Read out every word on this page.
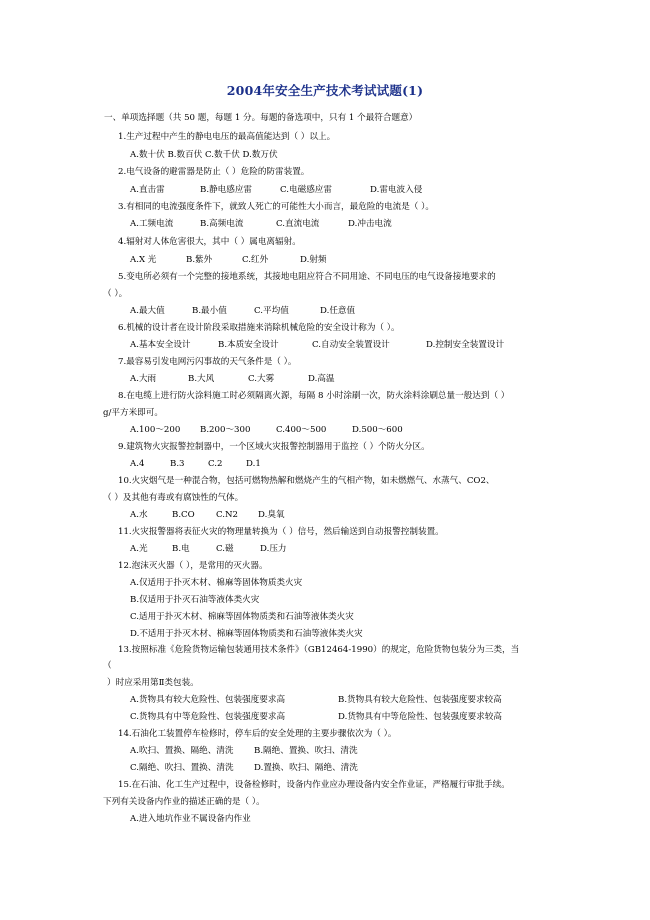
2004年安全生产技术考试试题(1)
一、单项选择题（共 50 题，每题 1 分。每题的备选项中，只有 1 个最符合题意）
1.生产过程中产生的静电电压的最高值能达到（ ）以上。
A.数十伏 B.数百伏 C.数千伏 D.数万伏
2.电气设备的避雷器是防止（ ）危险的防雷装置。
A.直击雷	B.静电感应雷	C.电磁感应雷	D.雷电波入侵
3.有相同的电流强度条件下，就致人死亡的可能性大小而言，最危险的电流是（ ）。
A.工频电流	B.高频电流	C.直流电流	D.冲击电流
4.辐射对人体危害很大，其中（ ）属电离辐射。
A.X 光	B.紫外	C.红外	D.射频
5.变电所必须有一个完整的接地系统，其接地电阻应符合不同用途、不同电压的电气设备接地要求的
（ ）。
A.最大值	B.最小值	C.平均值	D.任意值
6.机械的设计者在设计阶段采取措施来消除机械危险的安全设计称为（ ）。
A.基本安全设计	B.本质安全设计	C.自动安全装置设计	D.控制安全装置设计
7.最容易引发电网污闪事故的天气条件是（ ）。
A.大雨	B.大风	C.大雾	D.高温
8.在电缆上进行防火涂料施工时必须隔离火源，每隔 8 小时涂刷一次，防火涂料涂刷总量一般达到（ ）
g/平方米即可。
A.100～200 B.200～300	C.400～500	D.500～600
9.建筑物火灾报警控制器中，一个区域火灾报警控制器用于监控（ ）个防火分区。
A.4	B.3	C.2	D.1
10.火灾烟气是一种混合物，包括可燃物热解和燃烧产生的气相产物，如未燃燃气、水蒸气、CO2、
（ ）及其他有毒或有腐蚀性的气体。
A.水	B.CO C.N2 D.臭氧
11.火灾报警器将表征火灾的物理量转换为（ ）信号，然后输送到自动报警控制装置。
A.光	B.电	C.磁	D.压力
12.泡沫灭火器（ ），是常用的灭火器。
A.仅适用于扑灭木材、棉麻等固体物质类火灾
B.仅适用于扑灭石油等液体类火灾
C.适用于扑灭木材、棉麻等固体物质类和石油等液体类火灾
D.不适用于扑灭木材、棉麻等固体物质类和石油等液体类火灾
13.按照标准《危险货物运输包装通用技术条件》（GB12464-1990）的规定，危险货物包装分为三类，当
（
）时应采用第Ⅱ类包装。
A.货物具有较大危险性、包装强度要求高	B.货物具有较大危险性、包装强度要求较高
C.货物具有中等危险性、包装强度要求高	D.货物具有中等危险性、包装强度要求较高
14.石油化工装置停车检修时，停车后的安全处理的主要步骤依次为（ ）。
A.吹扫、置换、隔绝、清洗 B.隔绝、置换、吹扫、清洗
C.隔绝、吹扫、置换、清洗 D.置换、吹扫、隔绝、清洗
15.在石油、化工生产过程中，设备检修时，设备内作业应办理设备内安全作业证，严格履行审批手续。
下列有关设备内作业的描述正确的是（ ）。
A.进入地坑作业不属设备内作业
